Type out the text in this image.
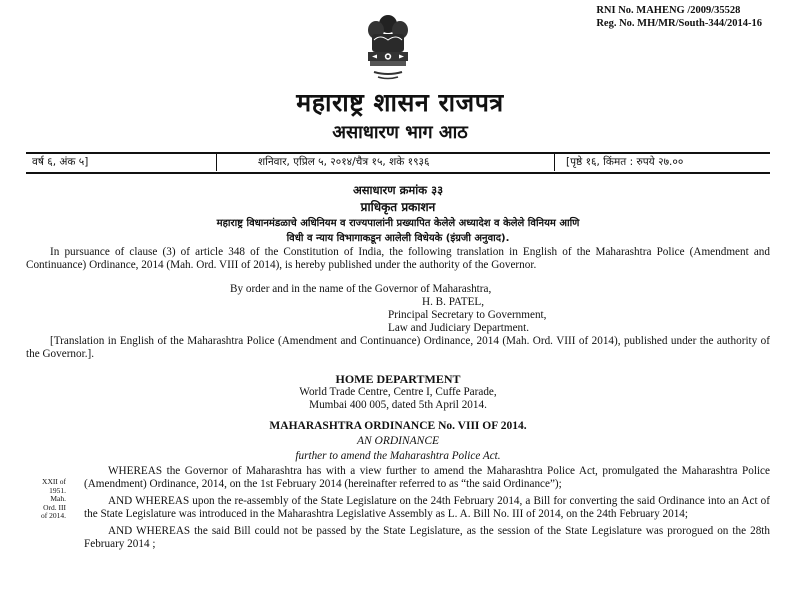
RNI No. MAHENG /2009/35528
Reg. No. MH/MR/South-344/2014-16
महाराष्ट्र शासन राजपत्र
असाधारण भाग आठ
वर्ष ६, अंक ५]	शनिवार, एप्रिल ५, २०१४/चैत्र १५, शके १९३६	[पृष्ठे १६, किंमत : रुपये २७.००
असाधारण क्रमांक ३३
प्राधिकृत प्रकाशन
महाराष्ट्र विधानमंडळाचे अधिनियम व राज्यपालांनी प्रख्यापित केलेले अध्यादेश व केलेले विनियम आणि
विधी व न्याय विभागाकडून आलेली विधेयके (इंग्रजी अनुवाद).

In pursuance of clause (3) of article 348 of the Constitution of India, the following translation in English of the Maharashtra Police (Amendment and Continuance) Ordinance, 2014 (Mah. Ord. VIII of 2014), is hereby published under the authority of the Governor.

By order and in the name of the Governor of Maharashtra,
H. B. PATEL,
Principal Secretary to Government,
Law and Judiciary Department.

[Translation in English of the Maharashtra Police (Amendment and Continuance) Ordinance, 2014 (Mah. Ord. VIII of 2014), published under the authority of the Governor.].

HOME DEPARTMENT
World Trade Centre, Centre I, Cuffe Parade,
Mumbai 400 005, dated 5th April 2014.
MAHARASHTRA ORDINANCE No. VIII OF 2014.
AN ORDINANCE
further to amend the Maharashtra Police Act.
XXII of
1951.
Mah.
Ord. III
of 2014.

WHEREAS the Governor of Maharashtra has with a view further to amend the Maharashtra Police Act, promulgated the Maharashtra Police (Amendment) Ordinance, 2014, on the 1st February 2014 (hereinafter referred to as “the said Ordinance”);

AND WHEREAS upon the re-assembly of the State Legislature on the 24th February 2014, a Bill for converting the said Ordinance into an Act of the State Legislature was introduced in the Maharashtra Legislative Assembly as L. A. Bill No. III of 2014, on the 24th February 2014;

AND WHEREAS the said Bill could not be passed by the State Legislature, as the session of the State Legislature was prorogued on the 28th February 2014 ;
